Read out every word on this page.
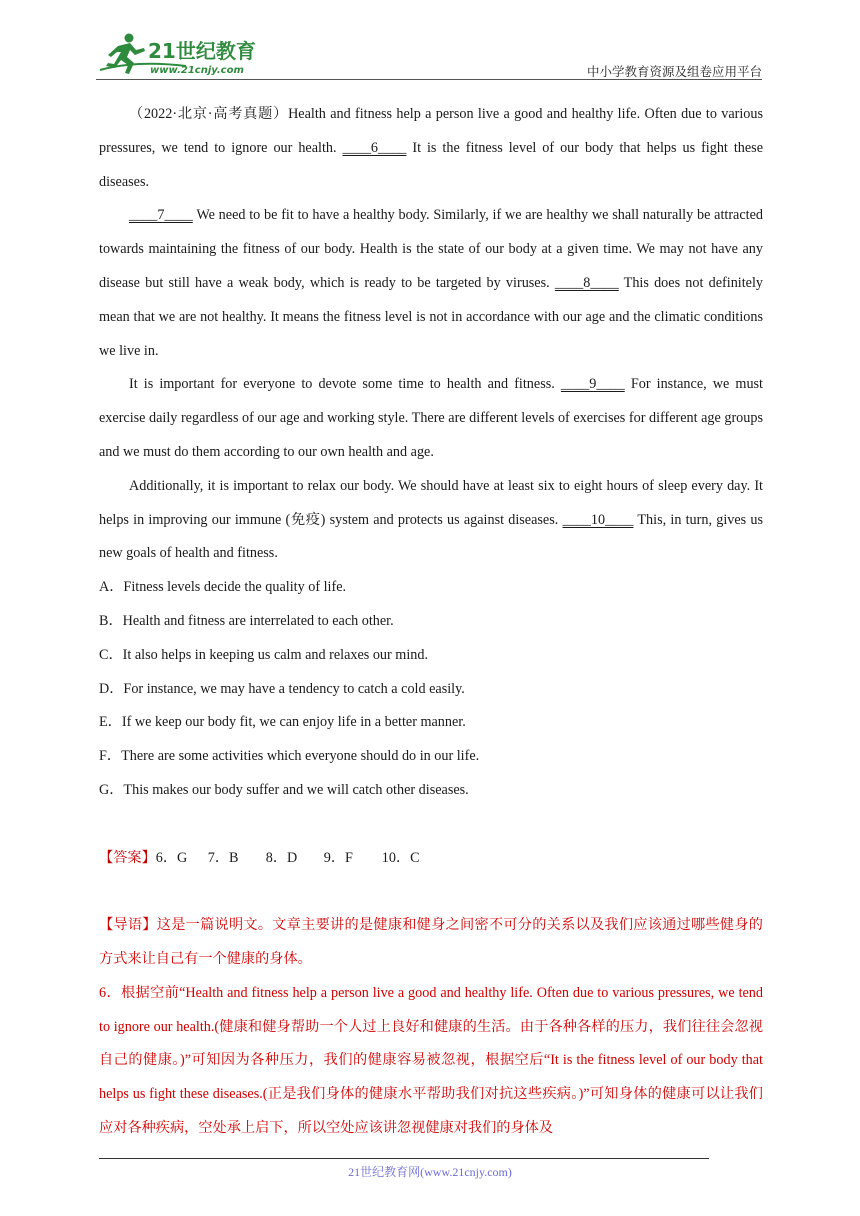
21世纪教育
www.21cnjy.com	中小学教育资源及组卷应用平台

（2022·北京·高考真题）Health and fitness help a person live a good and healthy life. Often due to various pressures, we tend to ignore our health. ____6____ It is the fitness level of our body that helps us fight these diseases.

____7____ We need to be fit to have a healthy body. Similarly, if we are healthy we shall naturally be attracted towards maintaining the fitness of our body. Health is the state of our body at a given time. We may not have any disease but still have a weak body, which is ready to be targeted by viruses. ____8____ This does not definitely mean that we are not healthy. It means the fitness level is not in accordance with our age and the climatic conditions we live in.

It is important for everyone to devote some time to health and fitness. ____9____ For instance, we must exercise daily regardless of our age and working style. There are different levels of exercises for different age groups and we must do them according to our own health and age.

Additionally, it is important to relax our body. We should have at least six to eight hours of sleep every day. It helps in improving our immune (免疫) system and protects us against diseases. ____10____ This, in turn, gives us new goals of health and fitness.

A．Fitness levels decide the quality of life.

B．Health and fitness are interrelated to each other.

C．It also helps in keeping us calm and relaxes our mind.

D．For instance, we may have a tendency to catch a cold easily.

E．If we keep our body fit, we can enjoy life in a better manner.

F．There are some activities which everyone should do in our life.

G．This makes our body suffer and we will catch other diseases.

【答案】6．G 7．B 8．D 9．F 10．C

【导语】这是一篇说明文。文章主要讲的是健康和健身之间密不可分的关系以及我们应该通过哪些健身的方式来让自己有一个健康的身体。

6．根据空前“Health and fitness help a person live a good and healthy life. Often due to various pressures, we tend to ignore our health.(健康和健身帮助一个人过上良好和健康的生活。由于各种各样的压力，我们往往会忽视自己的健康。)”可知因为各种压力，我们的健康容易被忽视，根据空后“It is the fitness level of our body that helps us fight these diseases.(正是我们身体的健康水平帮助我们对抗这些疾病。)”可知身体的健康可以让我们应对各种疾病，空处承上启下，所以空处应该讲忽视健康对我们的身体及

21世纪教育网(www.21cnjy.com)
